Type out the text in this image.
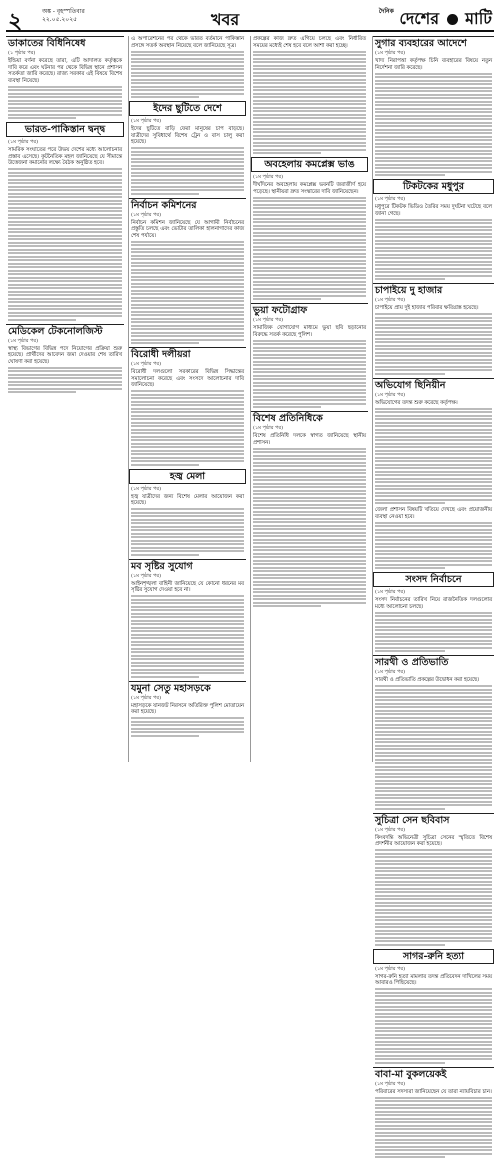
২	অঙ্ক - বৃহস্পতিবার
২২.০৫.২০২৫	খবর	$^{দৈনিক}$ দেশের মাটি
ডাকাতের বিধিনিষেধ
(১ পৃষ্ঠার পর)
ইন্ডিয়া বর্ণনা করেছে তারা, এটি আদালত কর্তৃত্বকে দাবি করে এবং ঘটনার পর থেকে বিভিন্ন স্থানে প্রশাসন সতর্কতা জারি করেছে। রাজ্য সরকার এই বিষয়ে বিশেষ ব্যবস্থা নিয়েছে।
ভারত-পাকিস্তান দ্বন্দ্ব
(১ম পৃষ্ঠার পর)
সামরিক সংঘাতের পরে উভয় দেশের মধ্যে আলোচনার প্রস্তাব এসেছে। কূটনৈতিক মহল জানিয়েছে যে সীমান্তে উত্তেজনা কমানোর লক্ষ্যে বৈঠক অনুষ্ঠিত হবে।
মেডিকেল টেকনোলজিস্ট
(১ম পৃষ্ঠার পর)
স্বাস্থ্য বিভাগের বিভিন্ন পদে নিয়োগের প্রক্রিয়া শুরু হয়েছে। প্রার্থীদের আবেদন জমা দেওয়ার শেষ তারিখ ঘোষণা করা হয়েছে।
এ অপারেশনের পর থেকে ভারত বর্তমানে পাকিস্তান প্রসঙ্গে সতর্ক অবস্থান নিয়েছে বলে জানিয়েছে সূত্র।
ইদের ছুটিতে দেশে
(১ম পৃষ্ঠার পর)
ইদের ছুটিতে বাড়ি ফেরা মানুষের চাপ বাড়ছে। যাত্রীদের সুবিধার্থে বিশেষ ট্রেন ও বাস চালু করা হয়েছে।
নির্বাচন কমিশনের
(১ম পৃষ্ঠার পর)
নির্বাচন কমিশন জানিয়েছে যে আগামী নির্বাচনের প্রস্তুতি চলছে এবং ভোটার তালিকা হালনাগাদের কাজ শেষ পর্যায়ে।
বিরোধী দলীয়রা
(১ম পৃষ্ঠার পর)
বিরোধী দলগুলো সরকারের বিভিন্ন সিদ্ধান্তের সমালোচনা করেছে এবং সংসদে আলোচনার দাবি জানিয়েছে।
হজ্ব মেলা
(১ম পৃষ্ঠার পর)
হজ্ব যাত্রীদের জন্য বিশেষ মেলার আয়োজন করা হয়েছে।
মব সৃষ্টির সুযোগ
(১ম পৃষ্ঠার পর)
আইনশৃঙ্খলা বাহিনী জানিয়েছে যে কোনো ধরনের মব সৃষ্টির সুযোগ দেওয়া হবে না।
যমুনা সেতু মহাসড়কে
(১ম পৃষ্ঠার পর)
মহাসড়কে যানজট নিরসনে অতিরিক্ত পুলিশ মোতায়েন করা হয়েছে।
প্রকল্পের কাজ দ্রুত এগিয়ে চলছে এবং নির্ধারিত সময়ের মধ্যেই শেষ হবে বলে আশা করা হচ্ছে।
অবহেলায় কমপ্লেক্স ভাঙ
(১ম পৃষ্ঠার পর)
দীর্ঘদিনের অবহেলায় কমপ্লেক্স ভবনটি জরাজীর্ণ হয়ে পড়েছে। স্থানীয়রা দ্রুত সংস্কারের দাবি জানিয়েছেন।
ভুয়া ফটোগ্রাফ
(১ম পৃষ্ঠার পর)
সামাজিক যোগাযোগ মাধ্যমে ভুয়া ছবি ছড়ানোর বিরুদ্ধে সতর্ক করেছে পুলিশ।
বিশেষ প্রতিনিধিকে
(১ম পৃষ্ঠার পর)
বিশেষ প্রতিনিধি দলকে স্বাগত জানিয়েছে স্থানীয় প্রশাসন।
সুগার ব্যবহারের আদেশে
(১ম পৃষ্ঠার পর)
খাদ্য নিরাপত্তা কর্তৃপক্ষ চিনি ব্যবহারের বিষয়ে নতুন নির্দেশনা জারি করেছে।
টিকটকের মধুপুর
(১ম পৃষ্ঠার পর)
মধুপুরে টিকটক ভিডিও তৈরির সময় দুর্ঘটনা ঘটেছে বলে জানা গেছে।
চাপাইয়ে দু হাজার
(১ম পৃষ্ঠার পর)
চাপাইয়ে প্রায় দুই হাজার পরিবার ক্ষতিগ্রস্ত হয়েছে।
অভিযোগ ছিনিয়ীন
(১ম পৃষ্ঠার পর)
অভিযোগের তদন্ত শুরু করেছে কর্তৃপক্ষ।
জেলা প্রশাসন বিষয়টি খতিয়ে দেখছে এবং প্রয়োজনীয় ব্যবস্থা নেওয়া হবে।
সংসদ নির্বাচনে
(১ম পৃষ্ঠার পর)
সংসদ নির্বাচনের তারিখ নিয়ে রাজনৈতিক দলগুলোর মধ্যে আলোচনা চলছে।
সারথী ও প্রতিভাতি
(১ম পৃষ্ঠার পর)
সারথী ও প্রতিভাতি প্রকল্পের উদ্বোধন করা হয়েছে।
সুচিত্রা সেন ছবিবাস
(১ম পৃষ্ঠার পর)
কিংবদন্তি অভিনেত্রী সুচিত্রা সেনের স্মৃতিতে বিশেষ প্রদর্শনীর আয়োজন করা হয়েছে।
সাগর-রুনি হত্যা
(১ম পৃষ্ঠার পর)
সাগর-রুনি হত্যা মামলার তদন্ত প্রতিবেদন দাখিলের সময় আবারও পিছিয়েছে।
বাবা-মা বুকলয়েকই
(১ম পৃষ্ঠার পর)
পরিবারের সদস্যরা জানিয়েছেন যে তারা ন্যায়বিচার চান।
